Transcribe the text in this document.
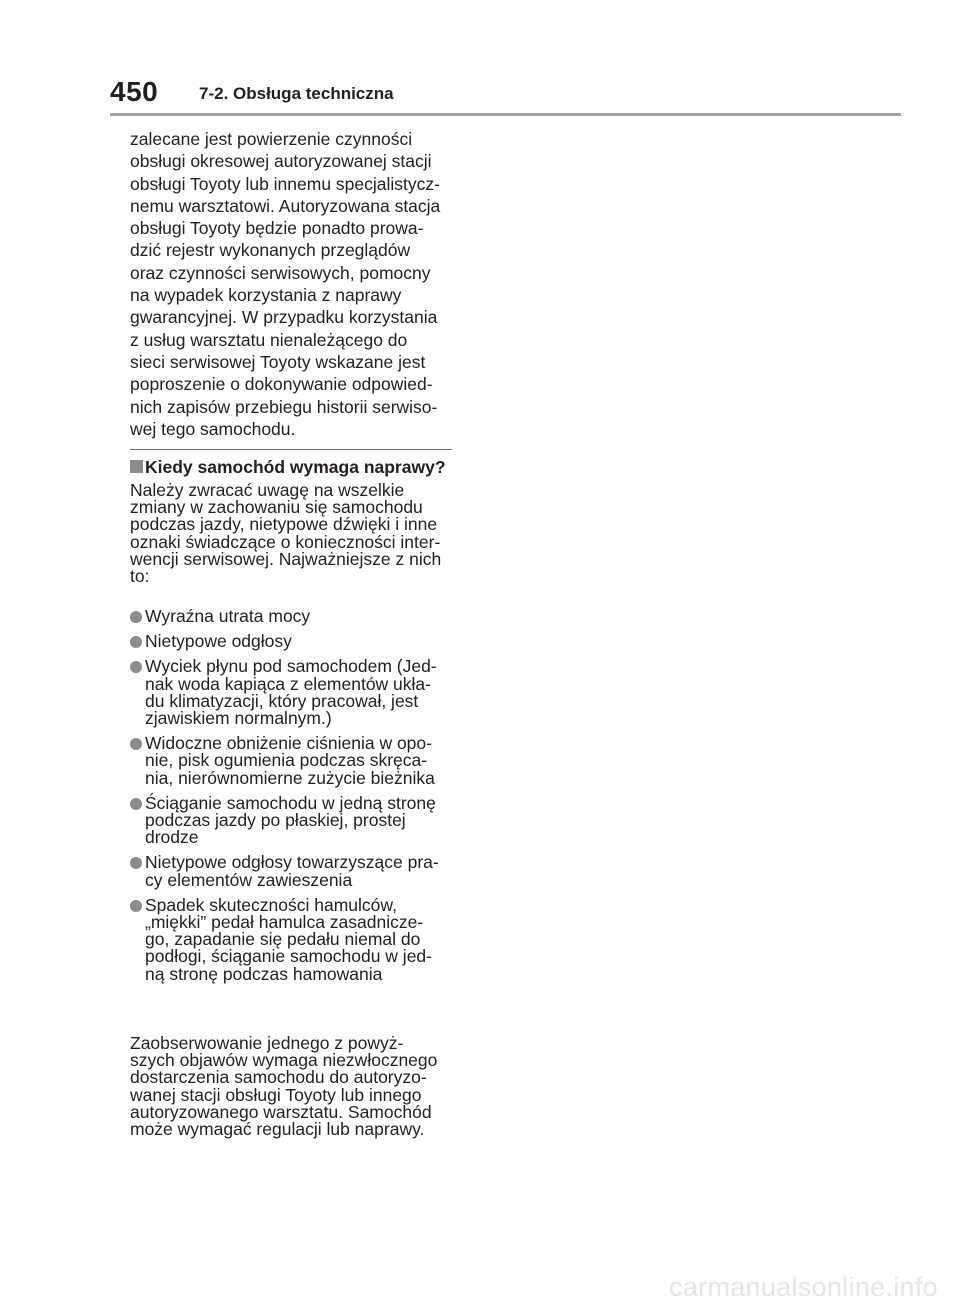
450 7-2. Obsługa techniczna
zalecane jest powierzenie czynności
obsługi okresowej autoryzowanej stacji
obsługi Toyoty lub innemu specjalistycz-
nemu warsztatowi. Autoryzowana stacja
obsługi Toyoty będzie ponadto prowa-
dzić rejestr wykonanych przeglądów
oraz czynności serwisowych, pomocny
na wypadek korzystania z naprawy
gwarancyjnej. W przypadku korzystania
z usług warsztatu nienależącego do
sieci serwisowej Toyoty wskazane jest
poproszenie o dokonywanie odpowied-
nich zapisów przebiegu historii serwiso-
wej tego samochodu.
Kiedy samochód wymaga naprawy?
Należy zwracać uwagę na wszelkie
zmiany w zachowaniu się samochodu
podczas jazdy, nietypowe dźwięki i inne
oznaki świadczące o konieczności inter-
wencji serwisowej. Najważniejsze z nich
to:
Wyraźna utrata mocy
Nietypowe odgłosy
Wyciek płynu pod samochodem (Jed-
nak woda kapiąca z elementów ukła-
du klimatyzacji, który pracował, jest
zjawiskiem normalnym.)
Widoczne obniżenie ciśnienia w opo-
nie, pisk ogumienia podczas skręca-
nia, nierównomierne zużycie bieżnika
Ściąganie samochodu w jedną stronę
podczas jazdy po płaskiej, prostej
drodze
Nietypowe odgłosy towarzyszące pra-
cy elementów zawieszenia
Spadek skuteczności hamulców,
„miękki” pedał hamulca zasadnicze-
go, zapadanie się pedału niemal do
podłogi, ściąganie samochodu w jed-
ną stronę podczas hamowania
Zaobserwowanie jednego z powyż-
szych objawów wymaga niezwłocznego
dostarczenia samochodu do autoryzo-
wanej stacji obsługi Toyoty lub innego
autoryzowanego warsztatu. Samochód
może wymagać regulacji lub naprawy.
carmanualsonline.info
